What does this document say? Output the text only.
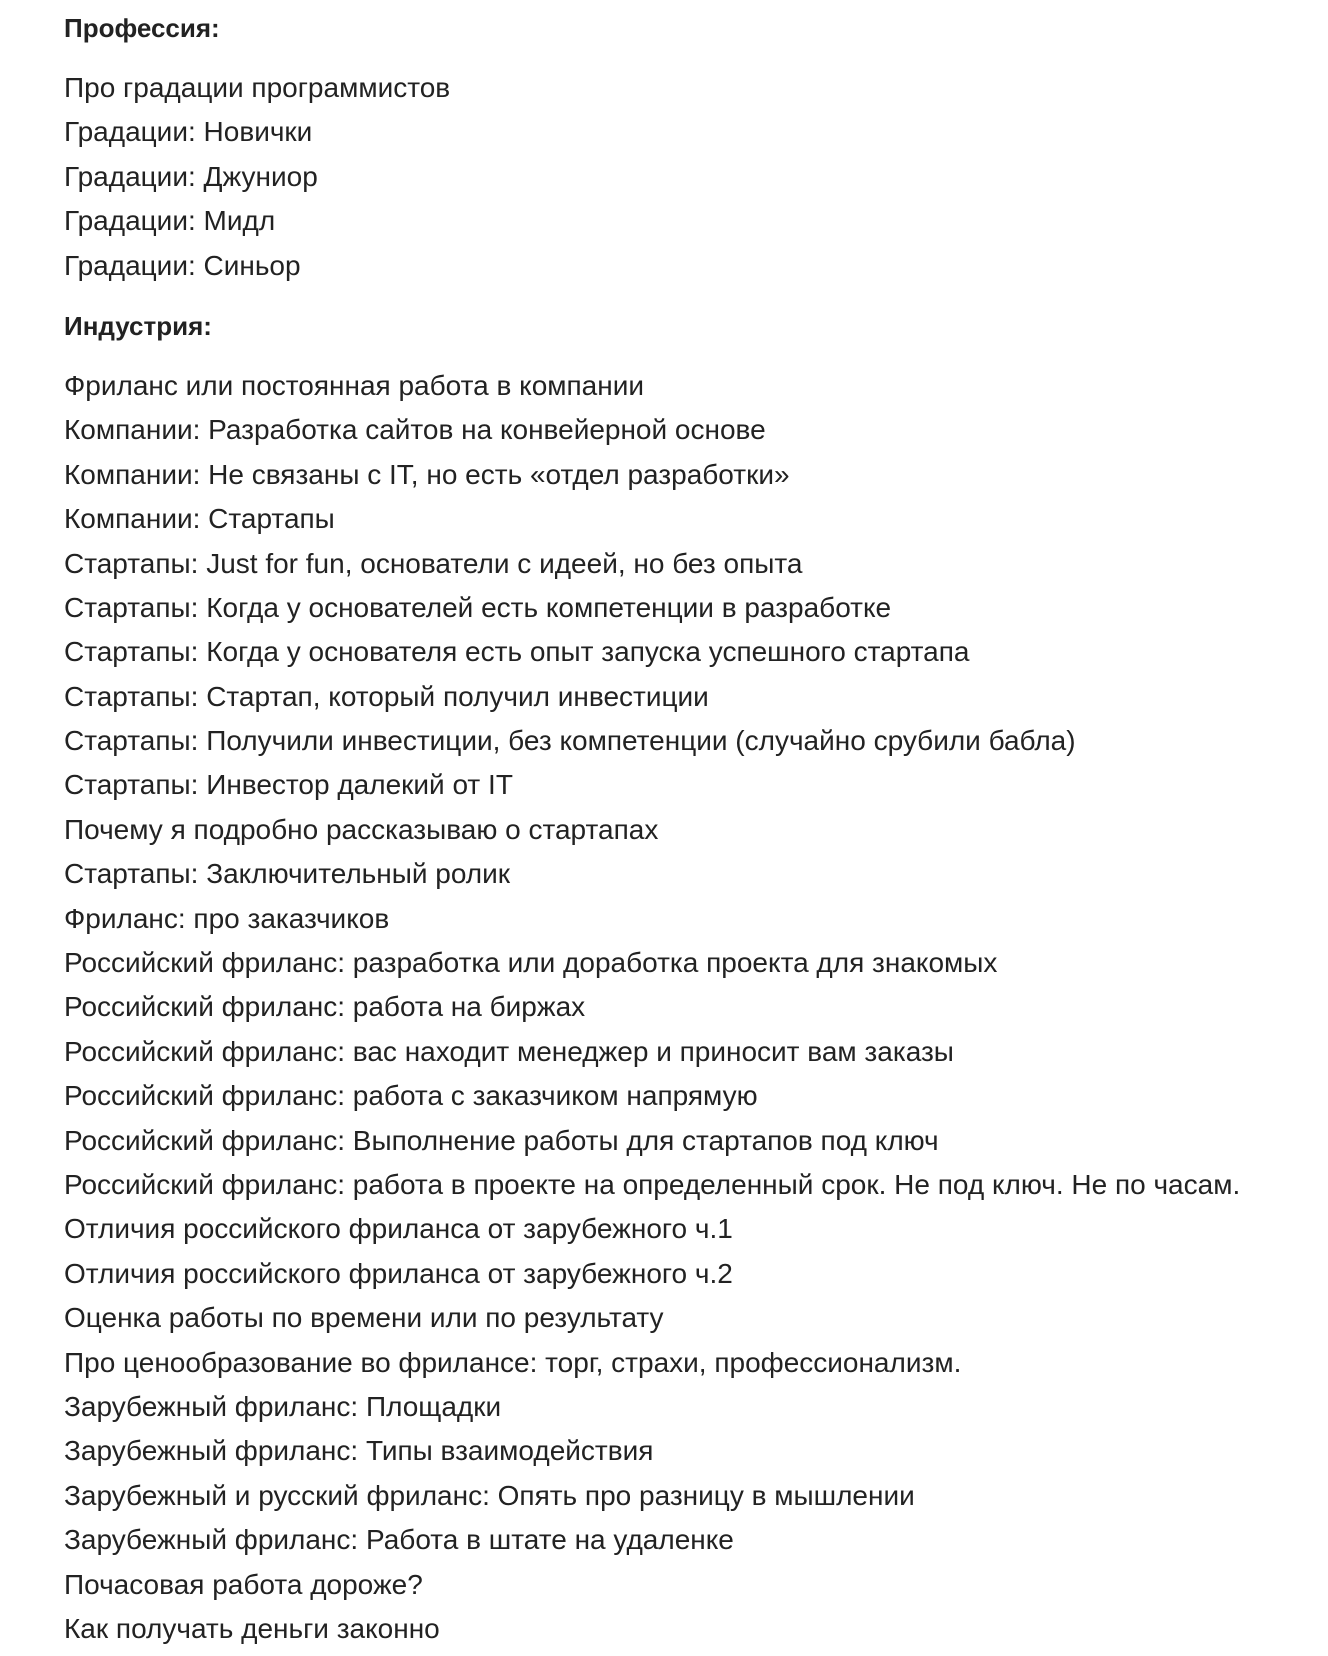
Профессия:
Про градации программистов
Градации: Новички
Градации: Джуниор
Градации: Мидл
Градации: Синьор
Индустрия:
Фриланс или постоянная работа в компании
Компании: Разработка сайтов на конвейерной основе
Компании: Не связаны с IT, но есть «отдел разработки»
Компании: Стартапы
Стартапы: Just for fun, основатели с идеей, но без опыта
Стартапы: Когда у основателей есть компетенции в разработке
Стартапы: Когда у основателя есть опыт запуска успешного стартапа
Стартапы: Стартап, который получил инвестиции
Стартапы: Получили инвестиции, без компетенции (случайно срубили бабла)
Стартапы: Инвестор далекий от IT
Почему я подробно рассказываю о стартапах
Стартапы: Заключительный ролик
Фриланс: про заказчиков
Российский фриланс: разработка или доработка проекта для знакомых
Российский фриланс: работа на биржах
Российский фриланс: вас находит менеджер и приносит вам заказы
Российский фриланс: работа с заказчиком напрямую
Российский фриланс: Выполнение работы для стартапов под ключ
Российский фриланс: работа в проекте на определенный срок. Не под ключ. Не по часам.
Отличия российского фриланса от зарубежного ч.1
Отличия российского фриланса от зарубежного ч.2
Оценка работы по времени или по результату
Про ценообразование во фрилансе: торг, страхи, профессионализм.
Зарубежный фриланс: Площадки
Зарубежный фриланс: Типы взаимодействия
Зарубежный и русский фриланс: Опять про разницу в мышлении
Зарубежный фриланс: Работа в штате на удаленке
Почасовая работа дороже?
Как получать деньги законно
